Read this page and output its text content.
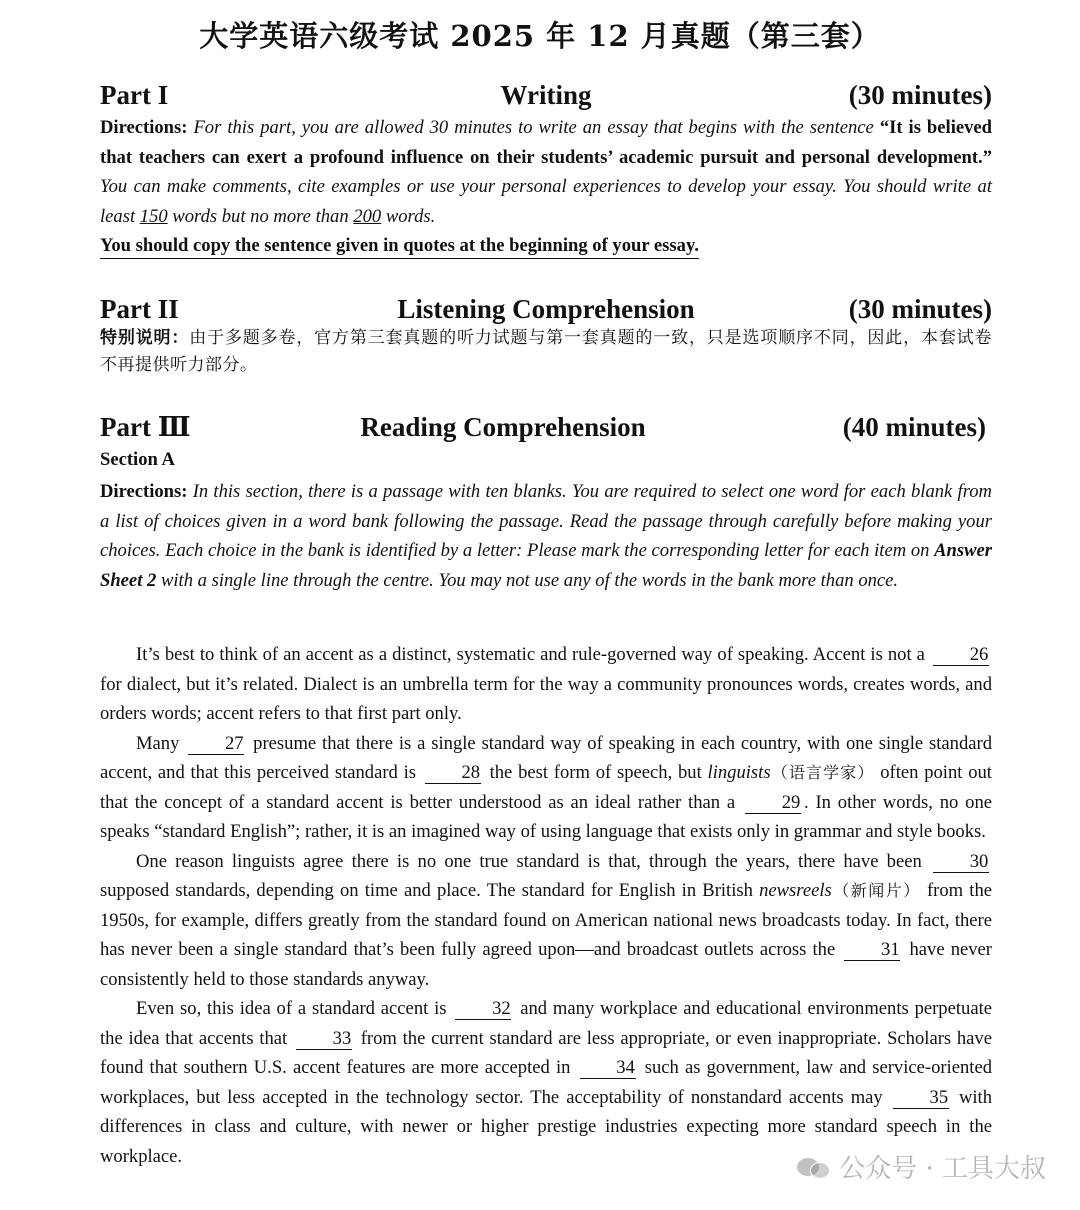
大学英语六级考试 2025 年 12 月真题（第三套）
Part I	Writing	(30 minutes)
Directions: For this part, you are allowed 30 minutes to write an essay that begins with the sentence “It is believed that teachers can exert a profound influence on their students’ academic pursuit and personal development.” You can make comments, cite examples or use your personal experiences to develop your essay. You should write at least 150 words but no more than 200 words.
You should copy the sentence given in quotes at the beginning of your essay.
Part II	Listening Comprehension	(30 minutes)
特别说明：由于多题多卷，官方第三套真题的听力试题与第一套真题的一致，只是选项顺序不同，因此，本套试卷不再提供听力部分。
Part Ⅲ	Reading Comprehension	(40 minutes)
Section A
Directions: In this section, there is a passage with ten blanks. You are required to select one word for each blank from a list of choices given in a word bank following the passage. Read the passage through carefully before making your choices. Each choice in the bank is identified by a letter: Please mark the corresponding letter for each item on Answer Sheet 2 with a single line through the centre. You may not use any of the words in the bank more than once.

It’s best to think of an accent as a distinct, systematic and rule-governed way of speaking. Accent is not a 26 for dialect, but it’s related. Dialect is an umbrella term for the way a community pronounces words, creates words, and orders words; accent refers to that first part only.

Many 27 presume that there is a single standard way of speaking in each country, with one single standard accent, and that this perceived standard is 28 the best form of speech, but linguists（语言学家） often point out that the concept of a standard accent is better understood as an ideal rather than a	29 . In other words, no one speaks “standard English”; rather, it is an imagined way of using language that exists only in grammar and style books.

One reason linguists agree there is no one true standard is that, through the years, there have been	30 supposed standards, depending on time and place. The standard for English in British newsreels（新闻片） from the 1950s, for example, differs greatly from the standard found on American national news broadcasts today. In fact, there has never been a single standard that’s been fully agreed upon—and broadcast outlets across the 31 have never consistently held to those standards anyway.

Even so, this idea of a standard accent is 32 and many workplace and educational environments perpetuate the idea that accents that 33 from the current standard are less appropriate, or even inappropriate. Scholars have found that southern U.S. accent features are more accepted in 34 such as government, law and service-oriented workplaces, but less accepted in the technology sector. The acceptability of nonstandard accents may	35 with differences in class and culture, with newer or higher prestige industries expecting more standard speech in the workplace.	公众号 · 工具大叔
